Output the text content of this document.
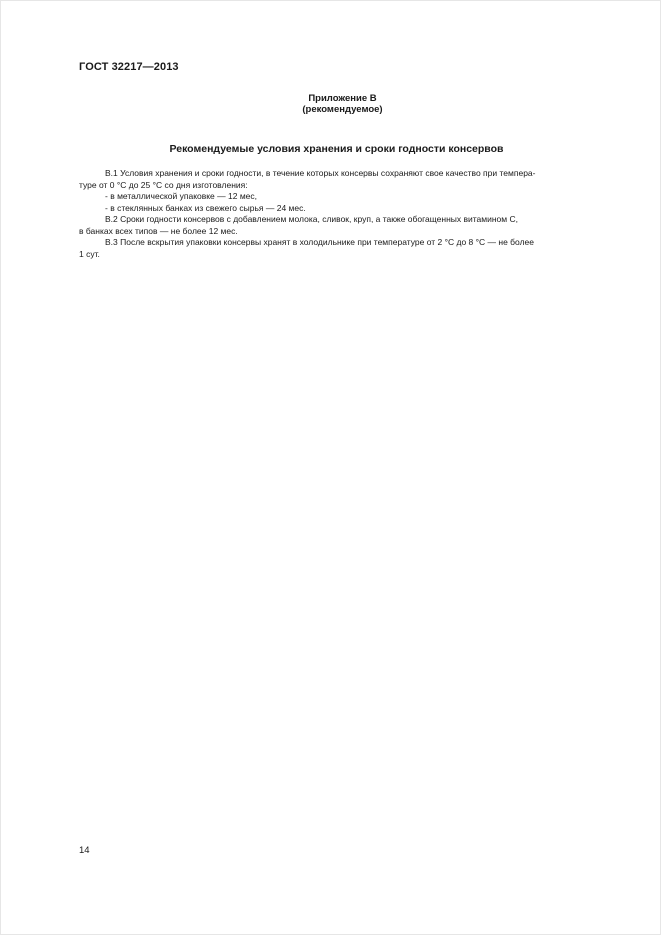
ГОСТ 32217—2013
Приложение В
(рекомендуемое)
Рекомендуемые условия хранения и сроки годности консервов
В.1 Условия хранения и сроки годности, в течение которых консервы сохраняют свое качество при темпера-
туре от 0 °С до 25 °С со дня изготовления:
- в металлической упаковке — 12 мес,
- в стеклянных банках из свежего сырья — 24 мес.
В.2 Сроки годности консервов с добавлением молока, сливок, круп, а также обогащенных витамином С,
в банках всех типов — не более 12 мес.
В.3 После вскрытия упаковки консервы хранят в холодильнике при температуре от 2 °С до 8 °С — не более
1 сут.
14
